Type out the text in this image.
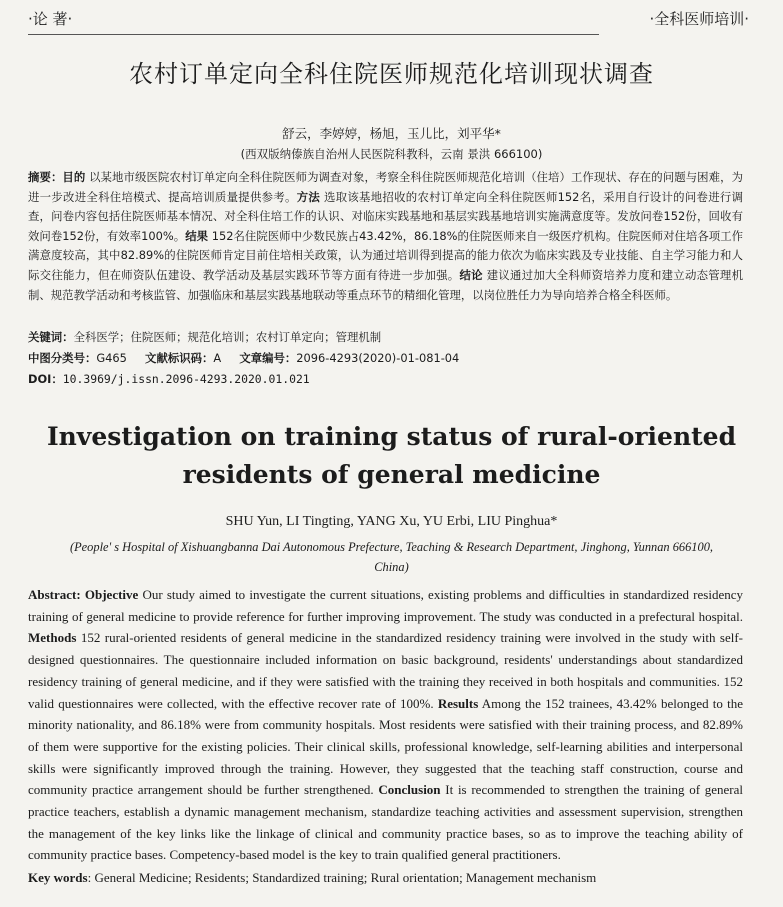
·论 著·	·全科医师培训·
农村订单定向全科住院医师规范化培训现状调查
舒云，李婷婷，杨旭，玉儿比，刘平华*
(西双版纳傣族自治州人民医院科教科，云南 景洪 666100)
摘要：目的 以某地市级医院农村订单定向全科住院医师为调查对象，考察全科住院医师规范化培训（住培）工作现状、存在的问题与困难，为进一步改进全科住培模式、提高培训质量提供参考。方法 选取该基地招收的农村订单定向全科住院医师152名，采用自行设计的问卷进行调查，问卷内容包括住院医师基本情况、对全科住培工作的认识、对临床实践基地和基层实践基地培训实施满意度等。发放问卷152份，回收有效问卷152份，有效率100%。结果 152名住院医师中少数民族占43.42%，86.18%的住院医师来自一级医疗机构。住院医师对住培各项工作满意度较高，其中82.89%的住院医师肯定目前住培相关政策，认为通过培训得到提高的能力依次为临床实践及专业技能、自主学习能力和人际交往能力，但在师资队伍建设、教学活动及基层实践环节等方面有待进一步加强。结论 建议通过加大全科师资培养力度和建立动态管理机制、规范教学活动和考核监管、加强临床和基层实践基地联动等重点环节的精细化管理，以岗位胜任力为导向培养合格全科医师。
关键词：全科医学；住院医师；规范化培训；农村订单定向；管理机制
中图分类号：G465 文献标识码：A 文章编号：2096-4293(2020)-01-081-04
DOI：10.3969/j.issn.2096-4293.2020.01.021
Investigation on training status of rural-oriented
residents of general medicine
SHU Yun, LI Tingting, YANG Xu, YU Erbi, LIU Pinghua*
(People' s Hospital of Xishuangbanna Dai Autonomous Prefecture, Teaching & Research Department, Jinghong, Yunnan 666100, China)
Abstract: Objective Our study aimed to investigate the current situations, existing problems and difficulties in standardized residency training of general medicine to provide reference for further improving improvement. The study was conducted in a prefectural hospital. Methods 152 rural-oriented residents of general medicine in the standardized residency training were involved in the study with self-designed questionnaires. The questionnaire included information on basic background, residents' understandings about standardized residency training of general medicine, and if they were satisfied with the training they received in both hospitals and communities. 152 valid questionnaires were collected, with the effective recover rate of 100%. Results Among the 152 trainees, 43.42% belonged to the minority nationality, and 86.18% were from community hospitals. Most residents were satisfied with their training process, and 82.89% of them were supportive for the existing policies. Their clinical skills, professional knowledge, self-learning abilities and interpersonal skills were significantly improved through the training. However, they suggested that the teaching staff construction, course and community practice arrangement should be further strengthened. Conclusion It is recommended to strengthen the training of general practice teachers, establish a dynamic management mechanism, standardize teaching activities and assessment supervision, strengthen the management of the key links like the linkage of clinical and community practice bases, so as to improve the teaching ability of community practice bases. Competency-based model is the key to train qualified general practitioners.
Key words: General Medicine; Residents; Standardized training; Rural orientation; Management mechanism
